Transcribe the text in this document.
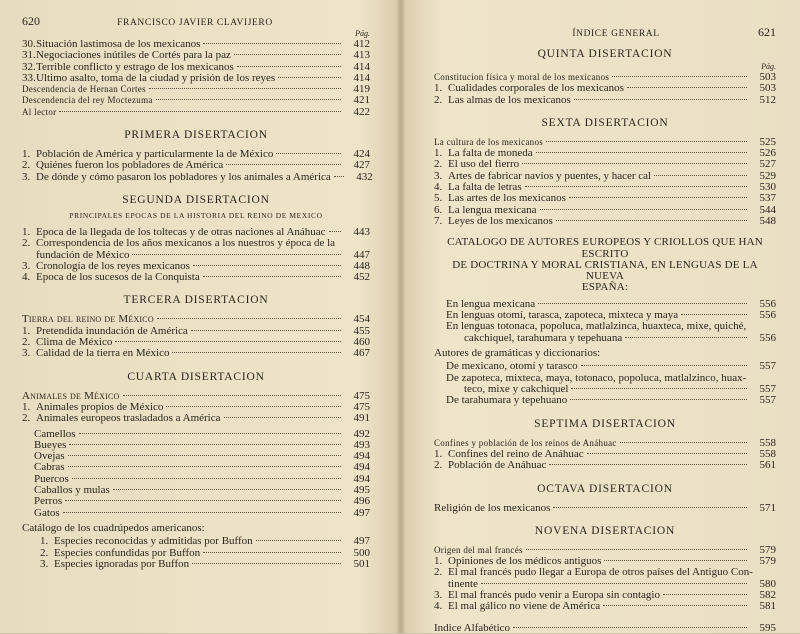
620	FRANCISCO JAVIER CLAVIJERO
Pág.
30. Situación lastimosa de los mexicanos	412
31. Negociaciones inútiles de Cortés para la paz	413
32. Terrible conflicto y estrago de los mexicanos	414
33. Ultimo asalto, toma de la ciudad y prisión de los reyes	414
Descendencia de Hernan Cortes	419
Descendencia del rey Moctezuma	421
Al lector	422
PRIMERA DISERTACION
1. Población de América y particularmente la de México	424
2. Quiénes fueron los pobladores de América	427
3. De dónde y cómo pasaron los pobladores y los animales a América	432
SEGUNDA DISERTACION
PRINCIPALES EPOCAS DE LA HISTORIA DEL REINO DE MEXICO
1. Epoca de la llegada de los toltecas y de otras naciones al Anáhuac	443
2. Correspondencia de los años mexicanos a los nuestros y época de la
fundación de México	447
3. Cronología de los reyes mexicanos	448
4. Epoca de los sucesos de la Conquista	452
TERCERA DISERTACION
Tierra del reino de México	454
1. Pretendida inundación de América	455
2. Clima de México	460
3. Calidad de la tierra en México	467
CUARTA DISERTACION
Animales de México	475
1. Animales propios de México	475
2. Animales europeos trasladados a América	491
Camellos	492
Bueyes	493
Ovejas	494
Cabras	494
Puercos	494
Caballos y mulas	495
Perros	496
Gatos	497
Catálogo de los cuadrúpedos americanos:
1. Especies reconocidas y admitidas por Buffon	497
2. Especies confundidas por Buffon	500
3. Especies ignoradas por Buffon	501
ÍNDICE GENERAL	621
QUINTA DISERTACION
Pág.
Constitucion física y moral de los mexicanos	503
1. Cualidades corporales de los mexicanos	503
2. Las almas de los mexicanos	512
SEXTA DISERTACION
La cultura de los mexicanos	525
1. La falta de moneda	526
2. El uso del fierro	527
3. Artes de fabricar navíos y puentes, y hacer cal	529
4. La falta de letras	530
5. Las artes de los mexicanos	537
6. La lengua mexicana	544
7. Leyes de los mexicanos	548
CATALOGO DE AUTORES EUROPEOS Y CRIOLLOS QUE HAN ESCRITO
DE DOCTRINA Y MORAL CRISTIANA, EN LENGUAS DE LA NUEVA
ESPAÑA:
En lengua mexicana	556
En lenguas otomí, tarasca, zapoteca, mixteca y maya	556
En lenguas totonaca, popoluca, matlalzinca, huaxteca, mixe, quiché,
cakchiquel, tarahumara y tepehuana	556
Autores de gramáticas y diccionarios:
De mexicano, otomí y tarasco	557
De zapoteca, mixteca, maya, totonaco, popoluca, matlalzinco, huax-
teco, mixe y cakchiquel	557
De tarahumara y tepehuano	557
SEPTIMA DISERTACION
Confines y población de los reinos de Anáhuac	558
1. Confines del reino de Anáhuac	558
2. Población de Anáhuac	561
OCTAVA DISERTACION
Religión de los mexicanos	571
NOVENA DISERTACION
Origen del mal francés	579
1. Opiniones de los médicos antiguos	579
2. El mal francés pudo llegar a Europa de otros países del Antiguo Con-
tinente	580
3. El mal francés pudo venir a Europa sin contagio	582
4. El mal gálico no viene de América	581
Indice Alfabético	595
